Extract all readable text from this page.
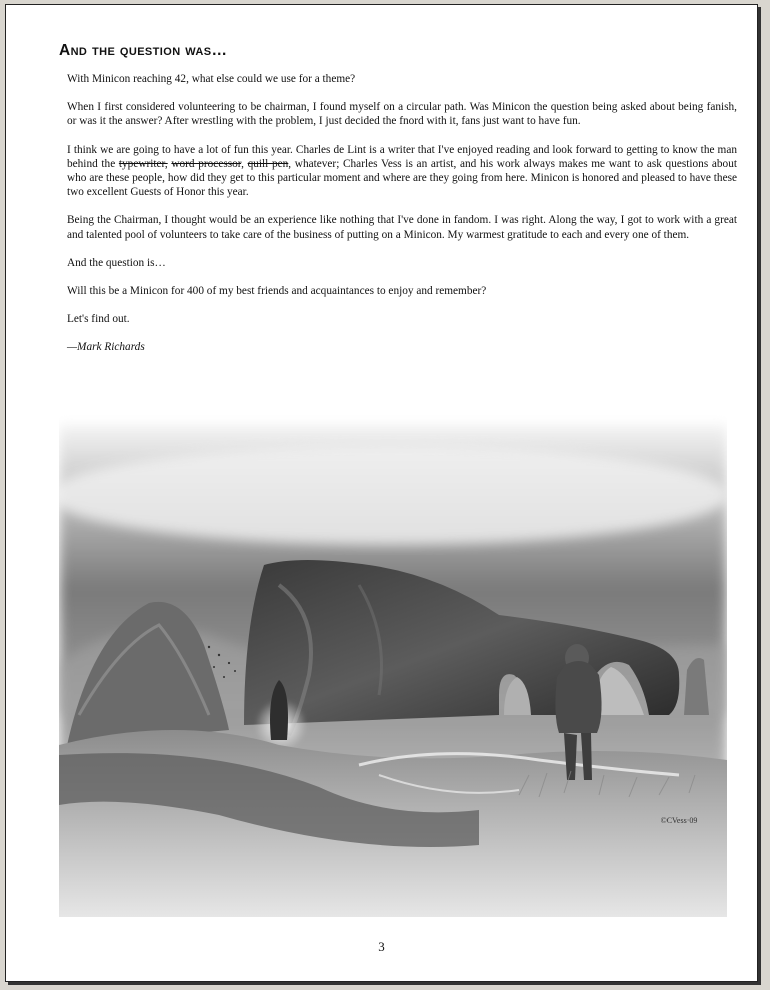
And the question was…

With Minicon reaching 42, what else could we use for a theme?

When I first considered volunteering to be chairman, I found myself on a circular path. Was Minicon the question being asked about being fanish, or was it the answer? After wrestling with the problem, I just decided the fnord with it, fans just want to have fun.

I think we are going to have a lot of fun this year. Charles de Lint is a writer that I've enjoyed reading and look forward to getting to know the man behind the typewriter, word processor, quill pen, whatever; Charles Vess is an artist, and his work always makes me want to ask questions about who are these people, how did they get to this particular moment and where are they going from here. Minicon is honored and pleased to have these two excellent Guests of Honor this year.

Being the Chairman, I thought would be an experience like nothing that I've done in fandom. I was right. Along the way, I got to work with a great and talented pool of volunteers to take care of the business of putting on a Minicon. My warmest gratitude to each and every one of them.

And the question is…

Will this be a Minicon for 400 of my best friends and acquaintances to enjoy and remember?

Let's find out.

—Mark Richards

©CVess·09
3
